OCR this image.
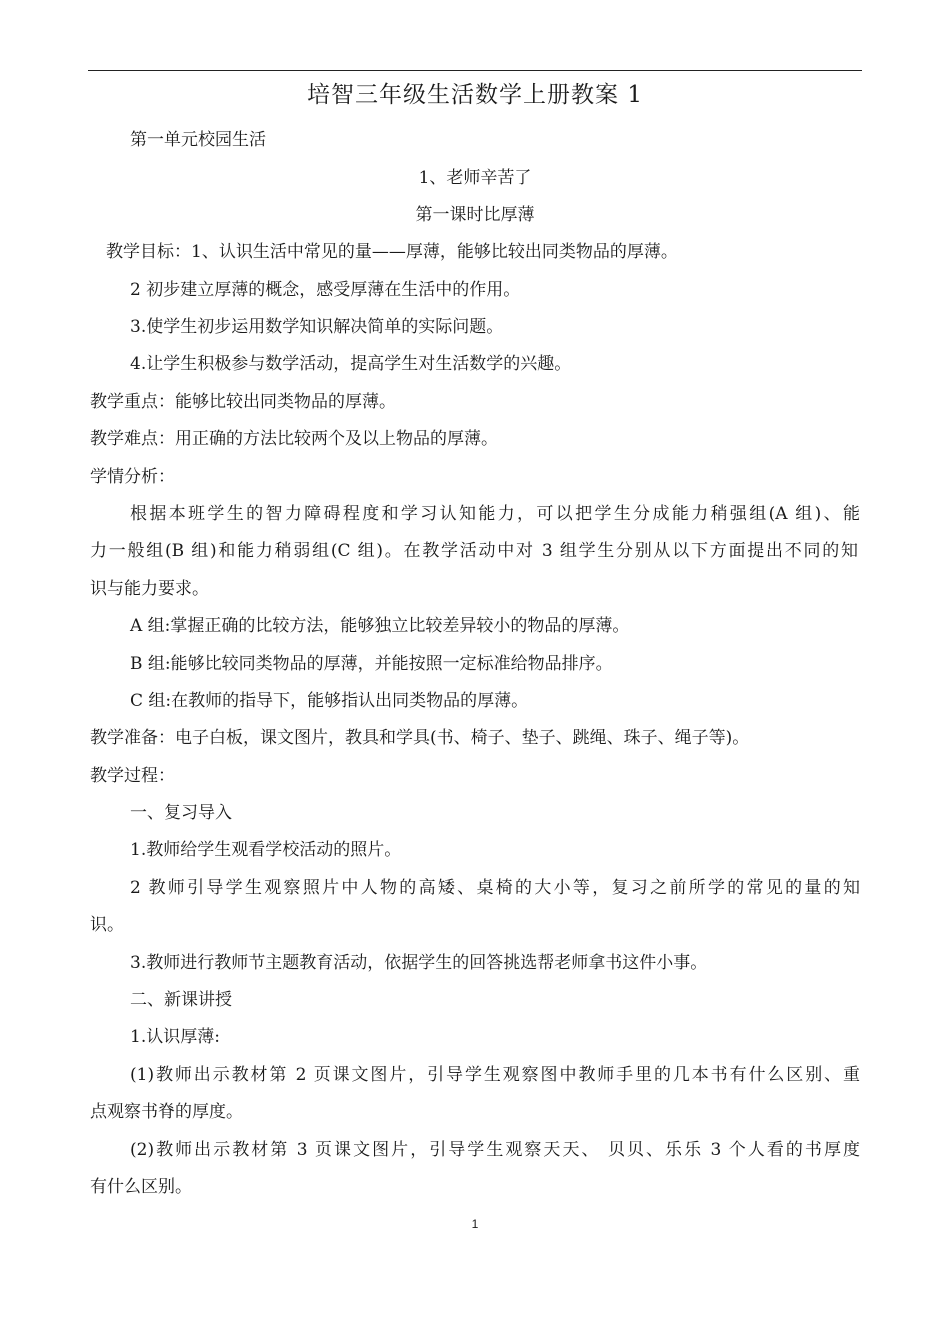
培智三年级生活数学上册教案 1
第一单元校园生活
1、老师辛苦了
第一课时比厚薄
教学目标：1、认识生活中常见的量——厚薄，能够比较出同类物品的厚薄。
2 初步建立厚薄的概念，感受厚薄在生活中的作用。
3.使学生初步运用数学知识解决简单的实际问题。
4.让学生积极参与数学活动，提高学生对生活数学的兴趣。
教学重点：能够比较出同类物品的厚薄。
教学难点：用正确的方法比较两个及以上物品的厚薄。
学情分析：
根据本班学生的智力障碍程度和学习认知能力，可以把学生分成能力稍强组(A 组)、能
力一般组(B 组)和能力稍弱组(C 组)。在教学活动中对 3 组学生分别从以下方面提出不同的知
识与能力要求。
A 组:掌握正确的比较方法，能够独立比较差异较小的物品的厚薄。
B 组:能够比较同类物品的厚薄，并能按照一定标准给物品排序。
C 组:在教师的指导下，能够指认出同类物品的厚薄。
教学准备：电子白板，课文图片，教具和学具(书、椅子、垫子、跳绳、珠子、绳子等)。
教学过程：
一、复习导入
1.教师给学生观看学校活动的照片。
2 教师引导学生观察照片中人物的高矮、桌椅的大小等，复习之前所学的常见的量的知
识。
3.教师进行教师节主题教育活动，依据学生的回答挑选帮老师拿书这件小事。
二、新课讲授
1.认识厚薄:
(1)教师出示教材第 2 页课文图片，引导学生观察图中教师手里的几本书有什么区别、重
点观察书脊的厚度。
(2)教师出示教材第 3 页课文图片，引导学生观察天天、 贝贝、乐乐 3 个人看的书厚度
有什么区别。
1
